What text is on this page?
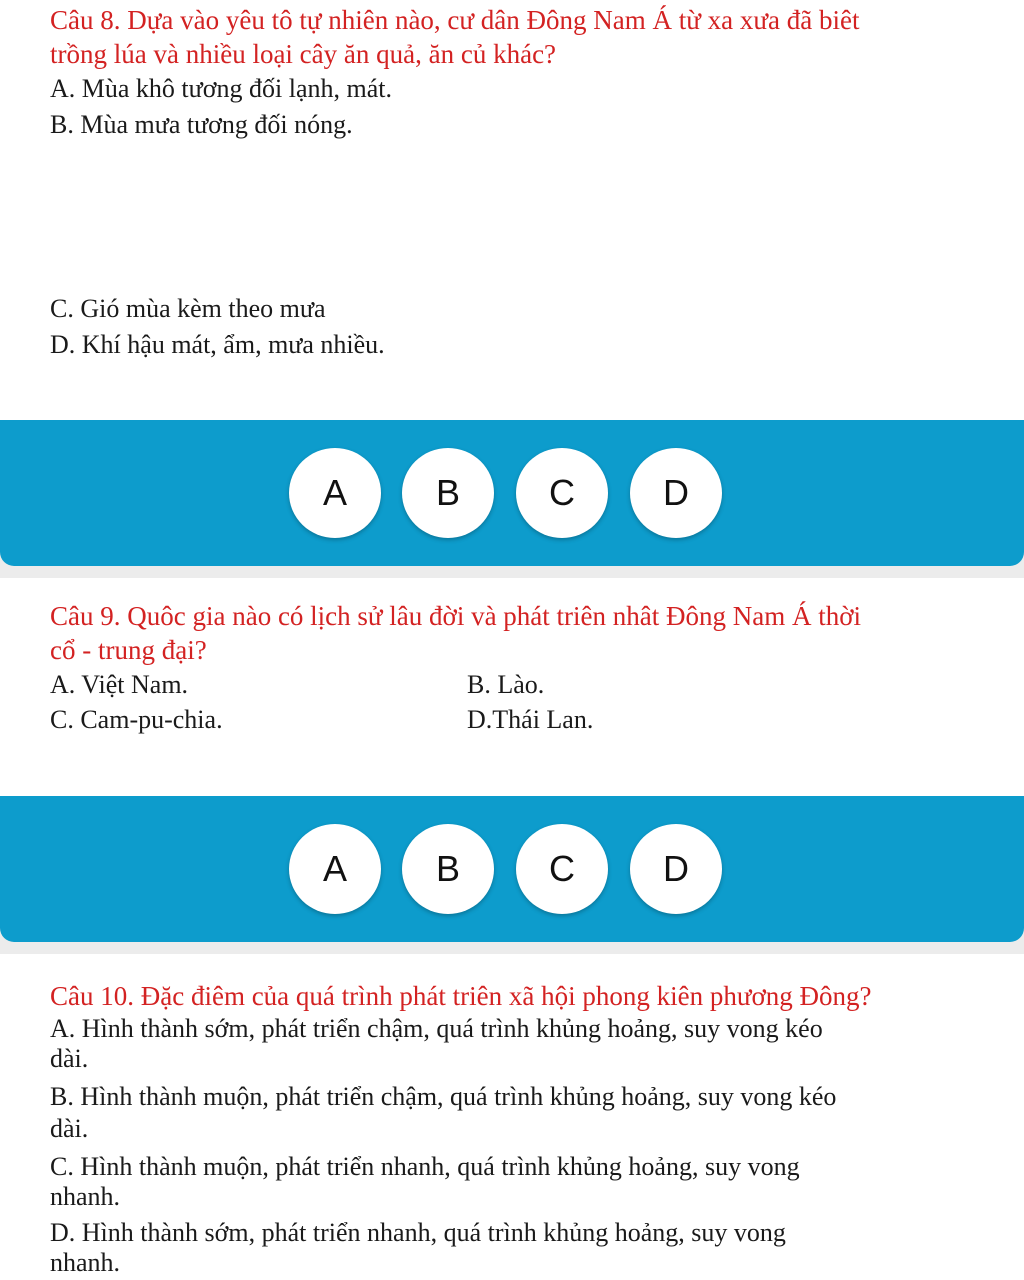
Câu 8. Dựa vào yêu tô tự nhiên nào, cư dân Đông Nam Á từ xa xưa đã biêt

trồng lúa và nhiều loại cây ăn quả, ăn củ khác?

A. Mùa khô tương đối lạnh, mát.

B. Mùa mưa tương đối nóng.

C. Gió mùa kèm theo mưa

D. Khí hậu mát, ẩm, mưa nhiều.

A	B	C	D

Câu 9. Quôc gia nào có lịch sử lâu đời và phát triên nhât Đông Nam Á thời

cổ - trung đại?

A. Việt Nam.	B. Lào.

C. Cam-pu-chia.	D.Thái Lan.

A	B	C	D

Câu 10. Đặc điêm của quá trình phát triên xã hội phong kiên phương Đông?

A. Hình thành sớm, phát triển chậm, quá trình khủng hoảng, suy vong kéo

dài.

B. Hình thành muộn, phát triển chậm, quá trình khủng hoảng, suy vong kéo

dài.

C. Hình thành muộn, phát triển nhanh, quá trình khủng hoảng, suy vong

nhanh.

D. Hình thành sớm, phát triển nhanh, quá trình khủng hoảng, suy vong

nhanh.
